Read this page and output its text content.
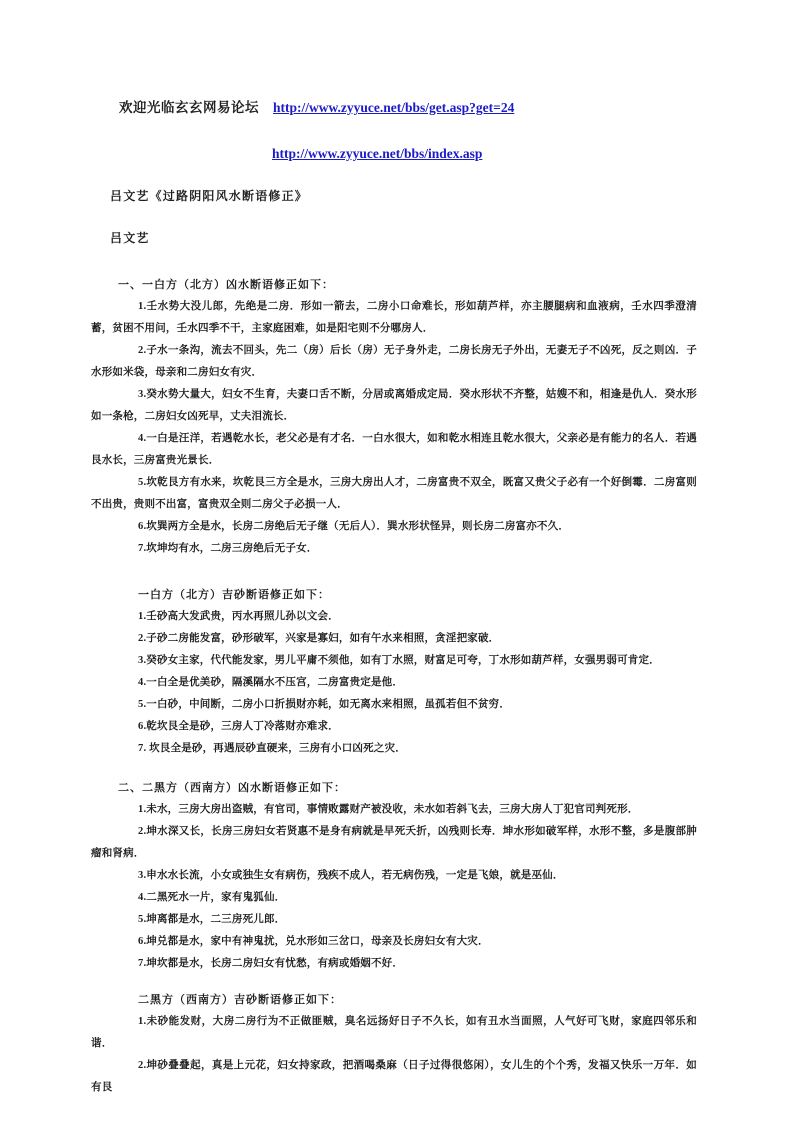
欢迎光临玄玄网易论坛 http://www.zyyuce.net/bbs/get.asp?get=24
http://www.zyyuce.net/bbs/index.asp
吕文艺《过路阴阳风水断语修正》
吕文艺
一、一白方（北方）凶水断语修正如下：

1.壬水势大没儿郎，先绝是二房．形如一箭去，二房小口命难长，形如葫芦样，亦主腰腿病和血液病，壬水四季澄清蓄，贫困不用问，壬水四季不干，主家庭困难，如是阳宅则不分哪房人．

2.子水一条沟，流去不回头，先二（房）后长（房）无子身外走，二房长房无子外出，无妻无子不凶死，反之则凶．子水形如米袋，母亲和二房妇女有灾．

3.癸水势大量大，妇女不生育，夫妻口舌不断，分居或离婚成定局．癸水形状不齐整，姑嫂不和，相逢是仇人．癸水形如一条枪，二房妇女凶死早，丈夫泪流长．

4.一白是汪洋，若遇乾水长，老父必是有才名．一白水很大，如和乾水相连且乾水很大，父亲必是有能力的名人．若遇艮水长，三房富贵光景长．

5.坎乾艮方有水来，坎乾艮三方全是水，三房大房出人才，二房富贵不双全，既富又贵父子必有一个好倒霉．二房富则不出贵，贵则不出富，富贵双全则二房父子必损一人．

6.坎巽两方全是水，长房二房绝后无子继（无后人）．巽水形状怪异，则长房二房富亦不久．

7.坎坤均有水，二房三房绝后无子女．

一白方（北方）吉砂断语修正如下：

1.壬砂高大发武贵，丙水再照儿孙以文会．

2.子砂二房能发富，砂形破军，兴家是寡妇，如有午水来相照，贪淫把家破．

3.癸砂女主家，代代能发家，男儿平庸不须他，如有丁水照，财富足可夸，丁水形如葫芦样，女强男弱可肯定．

4.一白全是优美砂，隔溪隔水不压宫，二房富贵定是他．

5.一白砂，中间断，二房小口折损财亦耗，如无离水来相照，虽孤若但不贫穷．

6.乾坎艮全是砂，三房人丁冷落财亦难求．

7. 坎艮全是砂，再遇辰砂直硬来，三房有小口凶死之灾．

二、二黑方（西南方）凶水断语修正如下：

1.未水，三房大房出盗贼，有官司，事情败露财产被没收，未水如若斜飞去，三房大房人丁犯官司判死形．

2.坤水深又长，长房三房妇女若贤惠不是身有病就是早死夭折，凶残则长寿．坤水形如破军样，水形不整，多是腹部肿瘤和肾病．

3.申水水长流，小女或独生女有病伤，残疾不成人，若无病伤残，一定是飞娘，就是巫仙．

4.二黑死水一片，家有鬼狐仙．

5.坤离都是水，二三房死儿郎．

6.坤兑都是水，家中有神鬼扰，兑水形如三岔口，母亲及长房妇女有大灾．

7.坤坎都是水，长房二房妇女有忧愁，有病或婚姻不好．

二黑方（西南方）吉砂断语修正如下：

1.未砂能发财，大房二房行为不正做匪贼，臭名远扬好日子不久长，如有丑水当面照，人气好可飞财，家庭四邻乐和谐．

2.坤砂叠叠起，真是上元花，妇女持家政，把酒喝桑麻（日子过得很悠闲），女儿生的个个秀，发福又快乐一万年．如有艮
